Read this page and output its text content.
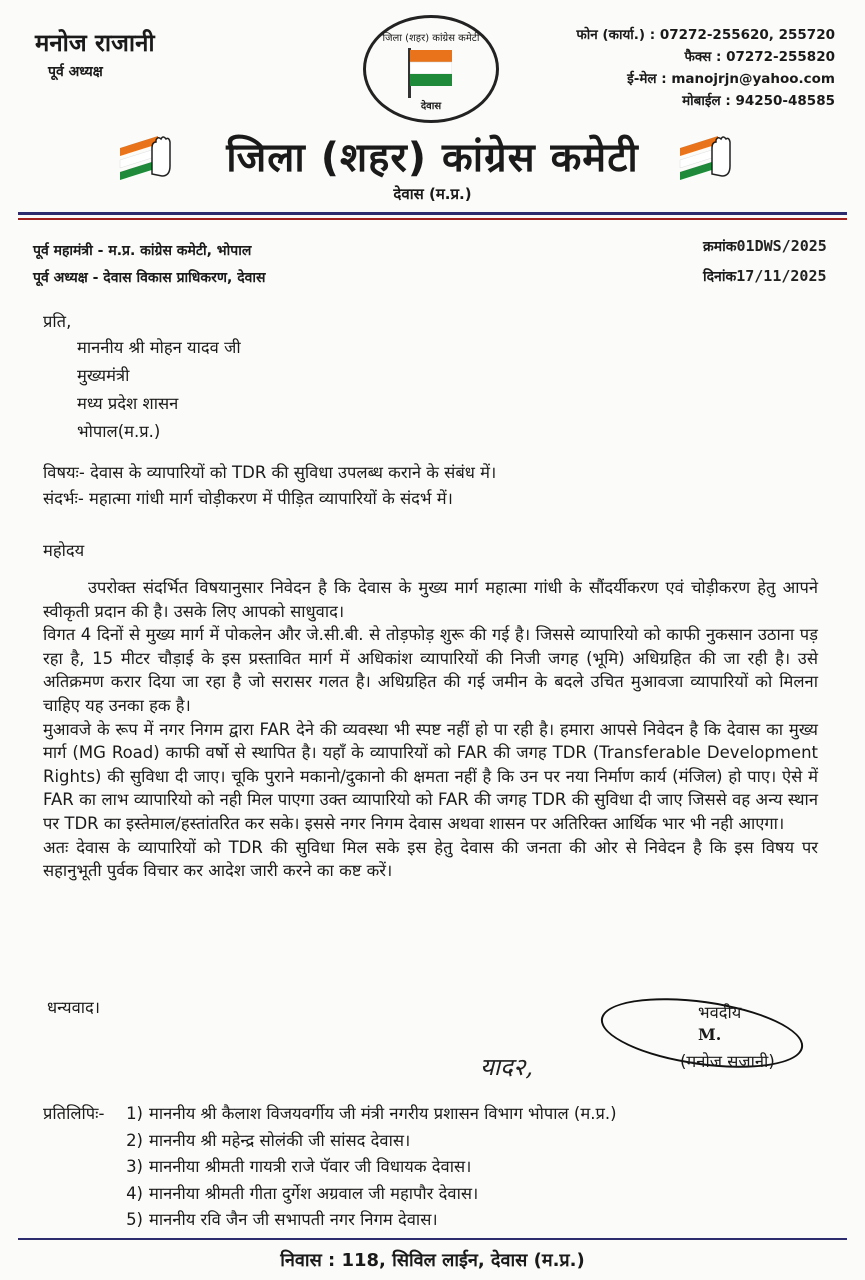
मनोज राजानी
पूर्व अध्यक्ष
जिला (शहर) कांग्रेस कमेटी
देवास
फोन (कार्या.) : 07272-255620, 255720
फैक्स : 07272-255820
ई-मेल : manojrjn@yahoo.com
मोबाईल : 94250-48585
जिला (शहर) कांग्रेस कमेटी
देवास (म.प्र.)
पूर्व महामंत्री - म.प्र. कांग्रेस कमेटी, भोपाल
पूर्व अध्यक्ष - देवास विकास प्राधिकरण, देवास
क्रमांक01DWS/2025
दिनांक17/11/2025
प्रति,
माननीय श्री मोहन यादव जी
मुख्यमंत्री
मध्य प्रदेश शासन
भोपाल(म.प्र.)
विषयः- देवास के व्यापारियों को TDR की सुविधा उपलब्ध कराने के संबंध में।
संदर्भः- महात्मा गांधी मार्ग चोड़ीकरण में पीड़ित व्यापारियों के संदर्भ में।
महोदय

उपरोक्त संदर्भित विषयानुसार निवेदन है कि देवास के मुख्य मार्ग महात्मा गांधी के सौंदर्यीकरण एवं चोड़ीकरण हेतु आपने स्वीकृती प्रदान की है। उसके लिए आपको साधुवाद।

विगत 4 दिनों से मुख्य मार्ग में पोकलेन और जे.सी.बी. से तोड़फोड़ शुरू की गई है। जिससे व्यापारियो को काफी नुकसान उठाना पड़ रहा है, 15 मीटर चौड़ाई के इस प्रस्तावित मार्ग में अधिकांश व्यापारियों की निजी जगह (भूमि) अधिग्रहित की जा रही है। उसे अतिक्रमण करार दिया जा रहा है जो सरासर गलत है। अधिग्रहित की गई जमीन के बदले उचित मुआवजा व्यापारियों को मिलना चाहिए यह उनका हक है।

मुआवजे के रूप में नगर निगम द्वारा FAR देने की व्यवस्था भी स्पष्ट नहीं हो पा रही है। हमारा आपसे निवेदन है कि देवास का मुख्य मार्ग (MG Road) काफी वर्षो से स्थापित है। यहाँ के व्यापारियों को FAR की जगह TDR (Transferable Development Rights) की सुविधा दी जाए। चूकि पुराने मकानो/दुकानो की क्षमता नहीं है कि उन पर नया निर्माण कार्य (मंजिल) हो पाए। ऐसे में FAR का लाभ व्यापारियो को नही मिल पाएगा उक्त व्यापारियो को FAR की जगह TDR की सुविधा दी जाए जिससे वह अन्य स्थान पर TDR का इस्तेमाल/हस्तांतरित कर सके। इससे नगर निगम देवास अथवा शासन पर अतिरिक्त आर्थिक भार भी नही आएगा।

अतः देवास के व्यापारियों को TDR की सुविधा मिल सके इस हेतु देवास की जनता की ओर से निवेदन है कि इस विषय पर सहानुभूती पुर्वक विचार कर आदेश जारी करने का कष्ट करें।

धन्यवाद।	भवदीय
M.
(मनोज सजानी)
याद२,
प्रतिलिपिः- 1) माननीय श्री कैलाश विजयवर्गीय जी मंत्री नगरीय प्रशासन विभाग भोपाल (म.प्र.)
2) माननीय श्री महेन्द्र सोलंकी जी सांसद देवास।
3) माननीया श्रीमती गायत्री राजे पॅवार जी विधायक देवास।
4) माननीया श्रीमती गीता दुर्गेश अग्रवाल जी महापौर देवास।
5) माननीय रवि जैन जी सभापती नगर निगम देवास।
निवास : 118, सिविल लाईन, देवास (म.प्र.)
